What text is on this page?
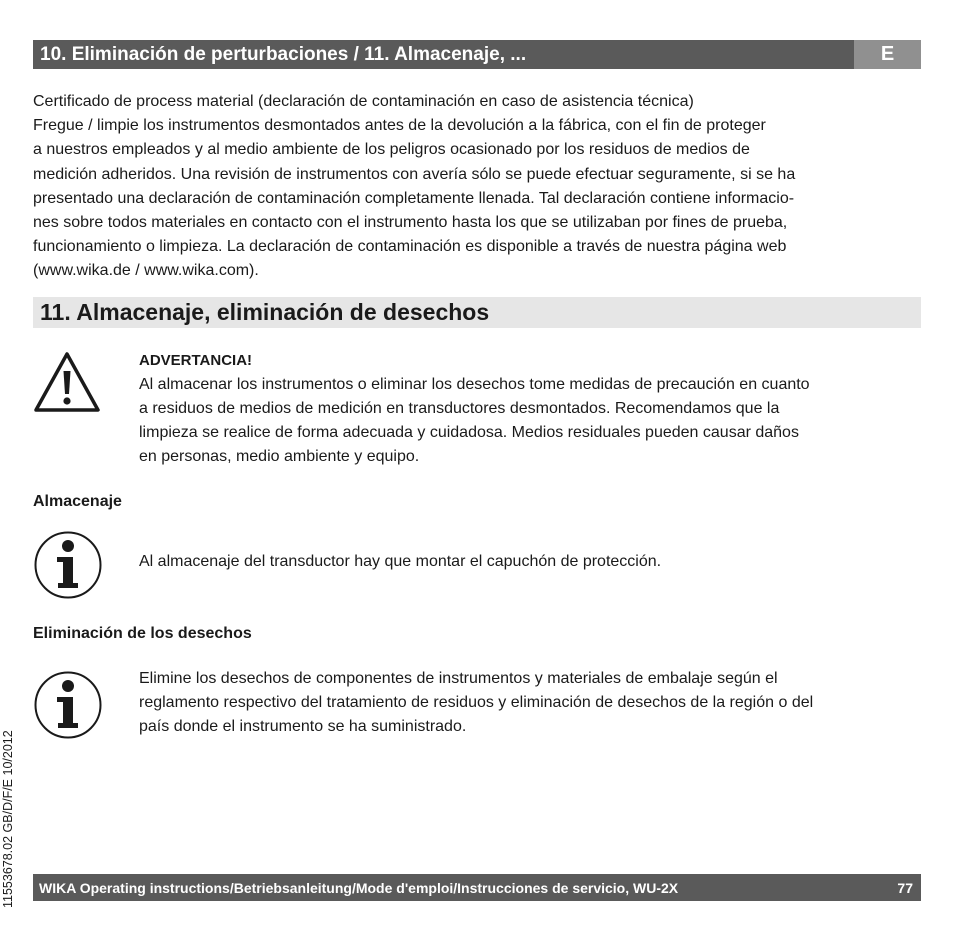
10. Eliminación de perturbaciones / 11. Almacenaje, ...	E
Certificado de process material (declaración de contaminación en caso de asistencia técnica)
Fregue / limpie los instrumentos desmontados antes de la devolución a la fábrica, con el fin de proteger
a nuestros empleados y al medio ambiente de los peligros ocasionado por los residuos de medios de
medición adheridos. Una revisión de instrumentos con avería sólo se puede efectuar seguramente, si se ha
presentado una declaración de contaminación completamente llenada. Tal declaración contiene informacio-
nes sobre todos materiales en contacto con el instrumento hasta los que se utilizaban por fines de prueba,
funcionamiento o limpieza. La declaración de contaminación es disponible a través de nuestra página web
(www.wika.de / www.wika.com).
11. Almacenaje, eliminación de desechos
ADVERTANCIA!
Al almacenar los instrumentos o eliminar los desechos tome medidas de precaución en cuanto
a residuos de medios de medición en transductores desmontados. Recomendamos que la
limpieza se realice de forma adecuada y cuidadosa. Medios residuales pueden causar daños
en personas, medio ambiente y equipo.
Almacenaje
Al almacenaje del transductor hay que montar el capuchón de protección.
Eliminación de los desechos
Elimine los desechos de componentes de instrumentos y materiales de embalaje según el
reglamento respectivo del tratamiento de residuos y eliminación de desechos de la región o del
país donde el instrumento se ha suministrado.
11553678.02 GB/D/F/E 10/2012	WIKA Operating instructions/Betriebsanleitung/Mode d'emploi/Instrucciones de servicio, WU-2X	77
